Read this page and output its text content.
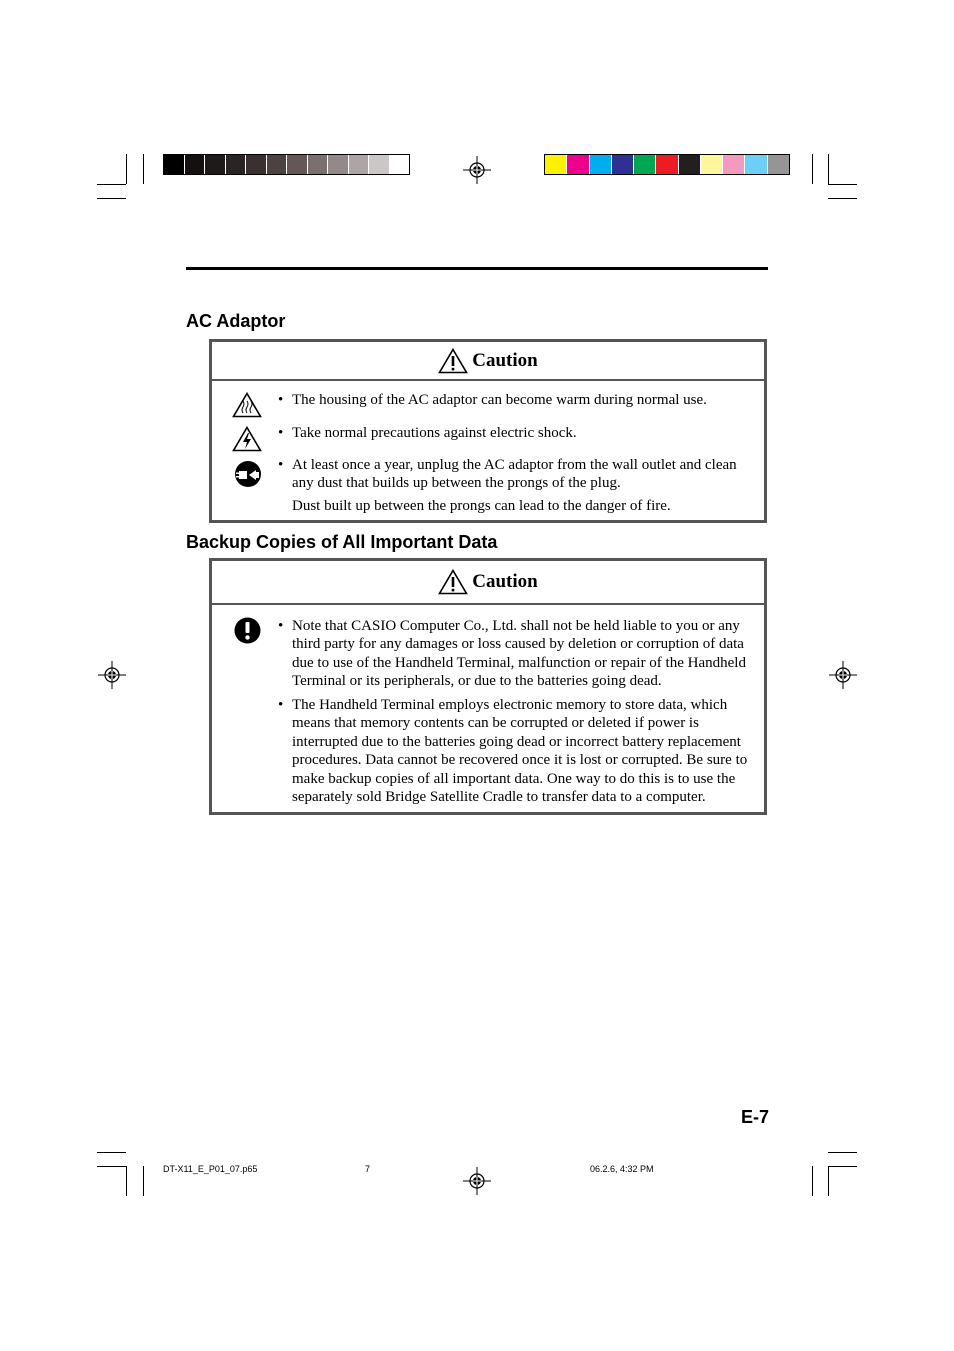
AC Adaptor
Caution
• The housing of the AC adaptor can become warm during normal use.

• Take normal precautions against electric shock.

• At least once a year, unplug the AC adaptor from the wall outlet and clean any dust that builds up between the prongs of the plug.

Dust built up between the prongs can lead to the danger of fire.

Backup Copies of All Important Data
Caution
• Note that CASIO Computer Co., Ltd. shall not be held liable to you or any third party for any damages or loss caused by deletion or corruption of data due to use of the Handheld Terminal, malfunction or repair of the Handheld Terminal or its peripherals, or due to the batteries going dead.

• The Handheld Terminal employs electronic memory to store data, which means that memory contents can be corrupted or deleted if power is interrupted due to the batteries going dead or incorrect battery replacement procedures. Data cannot be recovered once it is lost or corrupted. Be sure to make backup copies of all important data. One way to do this is to use the separately sold Bridge Satellite Cradle to transfer data to a computer.

E-7
DT-X11_E_P01_07.p65	7	06.2.6, 4:32 PM
